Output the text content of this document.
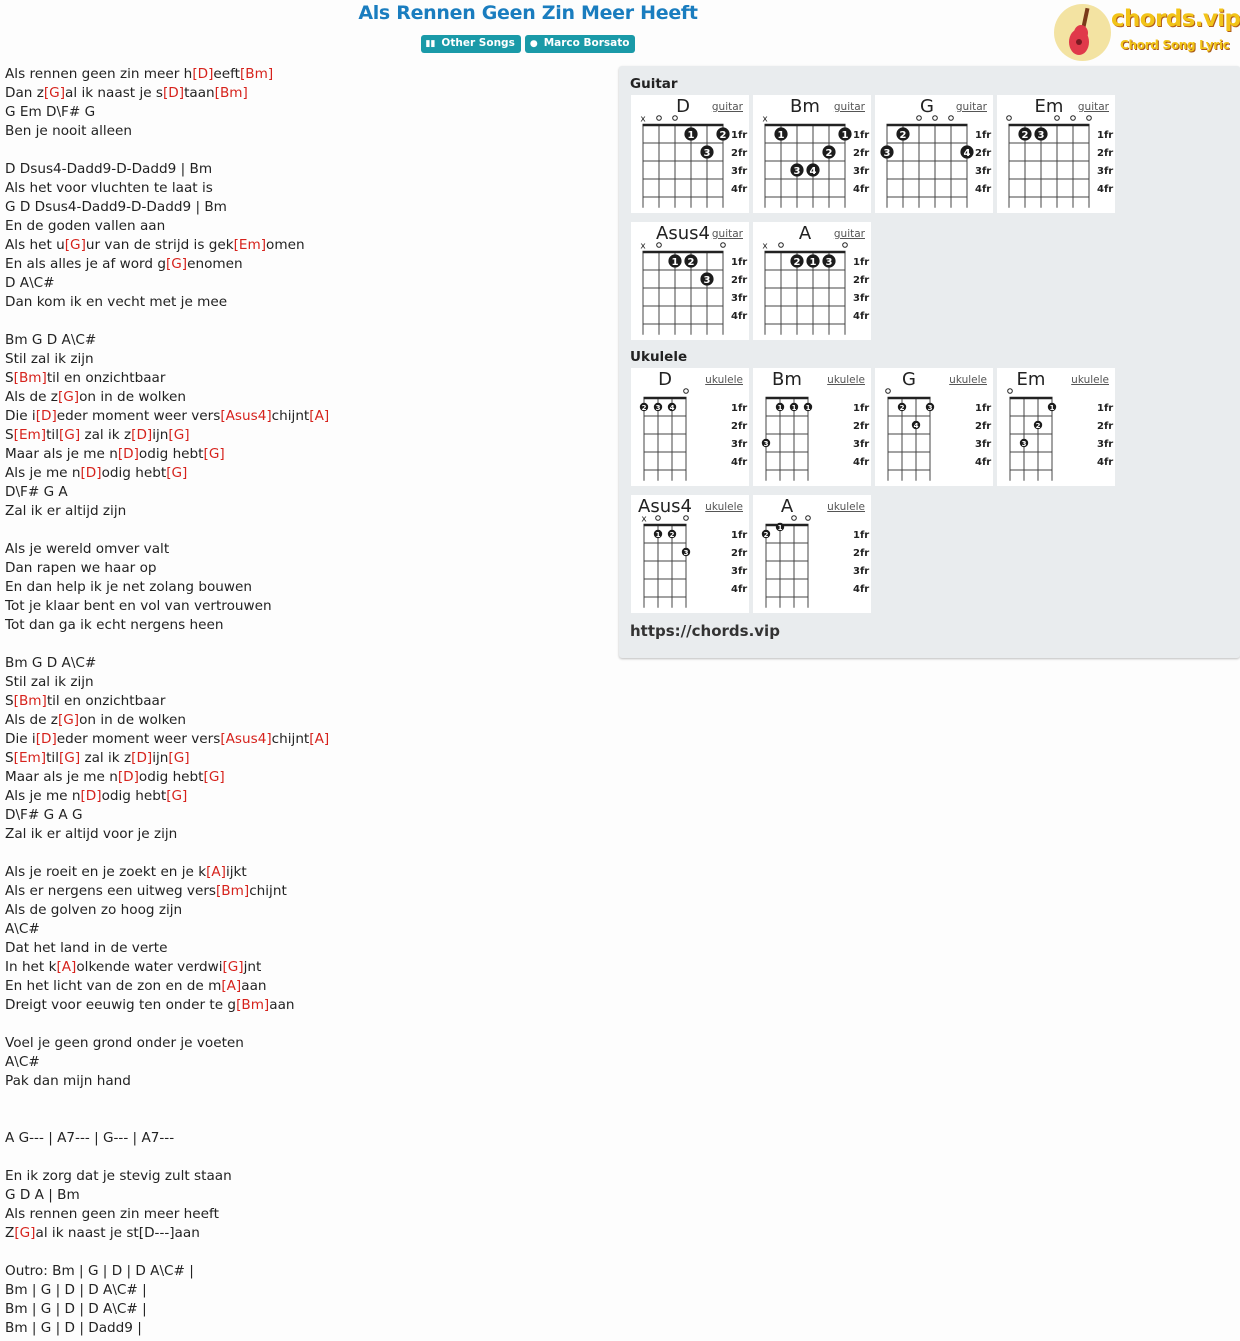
Als Rennen Geen Zin Meer Heeft
▮▮ Other Songs ● Marco Borsato
chords.vip
Chord Song Lyric
Als rennen geen zin meer h[D]eeft[Bm]
Dan z[G]al ik naast je s[D]taan[Bm]
G Em D\F# G
Ben je nooit alleen
D Dsus4-Dadd9-D-Dadd9 | Bm
Als het voor vluchten te laat is
G D Dsus4-Dadd9-D-Dadd9 | Bm
En de goden vallen aan
Als het u[G]ur van de strijd is gek[Em]omen
En als alles je af word g[G]enomen
D A\C#
Dan kom ik en vecht met je mee
Bm G D A\C#
Stil zal ik zijn
S[Bm]til en onzichtbaar
Als de z[G]on in de wolken
Die i[D]eder moment weer vers[Asus4]chijnt[A]
S[Em]til[G] zal ik z[D]ijn[G]
Maar als je me n[D]odig hebt[G]
Als je me n[D]odig hebt[G]
D\F# G A
Zal ik er altijd zijn
Als je wereld omver valt
Dan rapen we haar op
En dan help ik je net zolang bouwen
Tot je klaar bent en vol van vertrouwen
Tot dan ga ik echt nergens heen
Bm G D A\C#
Stil zal ik zijn
S[Bm]til en onzichtbaar
Als de z[G]on in de wolken
Die i[D]eder moment weer vers[Asus4]chijnt[A]
S[Em]til[G] zal ik z[D]ijn[G]
Maar als je me n[D]odig hebt[G]
Als je me n[D]odig hebt[G]
D\F# G A G
Zal ik er altijd voor je zijn
Als je roeit en je zoekt en je k[A]ijkt
Als er nergens een uitweg vers[Bm]chijnt
Als de golven zo hoog zijn
A\C#
Dat het land in de verte
In het k[A]olkende water verdwi[G]jnt
En het licht van de zon en de m[A]aan
Dreigt voor eeuwig ten onder te g[Bm]aan
Voel je geen grond onder je voeten
A\C#
Pak dan mijn hand
A G--- | A7--- | G--- | A7---
En ik zorg dat je stevig zult staan
G D A | Bm
Als rennen geen zin meer heeft
Z[G]al ik naast je st[D---]aan
Outro: Bm | G | D | D A\C# |
Bm | G | D | D A\C# |
Bm | G | D | D A\C# |
Bm | G | D | Dadd9 |
Guitar
x
1	2
3
1fr
2fr
3fr
4fr
D	guitar
x
1	1
2
3 4
1fr
2fr
3fr
4fr
Bm	guitar
2
3	4
1fr
2fr
3fr
4fr
G	guitar
2 3	1fr
2fr
3fr
4fr
Em	guitar
x
1 2
3
1fr
2fr
3fr
4fr
Asus4 guitar
x
2 1 3 1fr
2fr
3fr
4fr
A	guitar
Ukulele
2 3 4	1fr
2fr
3fr
4fr
D	ukulele
1 1 1
3
1fr
2fr
3fr
4fr
Bm	ukulele
2	3
4
1fr
2fr
3fr
4fr
G	ukulele
1
2
3
1fr
2fr
3fr
4fr
Em	ukulele
x
1 2
3
1fr
2fr
3fr
4fr
Asus4 ukulele
1
2	1fr
2fr
3fr
4fr
A	ukulele
https://chords.vip
